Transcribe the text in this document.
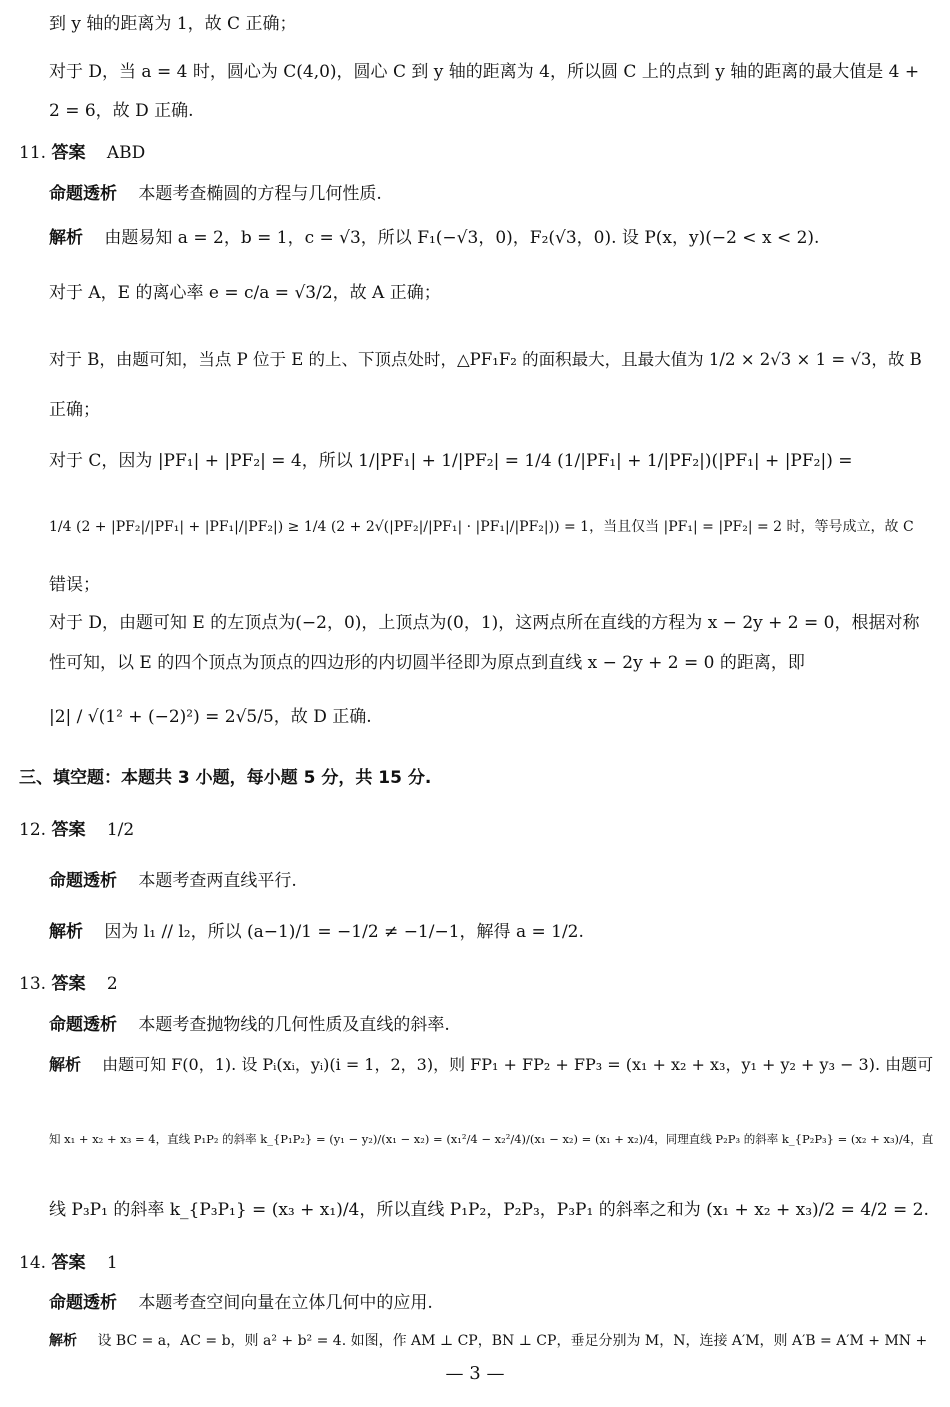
到 y 轴的距离为 1，故 C 正确；
对于 D，当 a = 4 时，圆心为 C(4,0)，圆心 C 到 y 轴的距离为 4，所以圆 C 上的点到 y 轴的距离的最大值是 4 +
2 = 6，故 D 正确.
11. 答案 ABD
命题透析 本题考查椭圆的方程与几何性质.
解析 由题易知 a = 2，b = 1，c = √3，所以 F₁(−√3，0)，F₂(√3，0). 设 P(x，y)(−2 < x < 2).
对于 A，E 的离心率 e = c/a = √3/2，故 A 正确；
对于 B，由题可知，当点 P 位于 E 的上、下顶点处时，△PF₁F₂ 的面积最大，且最大值为 1/2 × 2√3 × 1 = √3，故 B
正确；
对于 C，因为 |PF₁| + |PF₂| = 4，所以 1/|PF₁| + 1/|PF₂| = 1/4 (1/|PF₁| + 1/|PF₂|)(|PF₁| + |PF₂|) =
1/4 (2 + |PF₂|/|PF₁| + |PF₁|/|PF₂|) ≥ 1/4 (2 + 2√(|PF₂|/|PF₁| · |PF₁|/|PF₂|)) = 1，当且仅当 |PF₁| = |PF₂| = 2 时，等号成立，故 C
错误；
对于 D，由题可知 E 的左顶点为(−2，0)，上顶点为(0，1)，这两点所在直线的方程为 x − 2y + 2 = 0，根据对称
性可知，以 E 的四个顶点为顶点的四边形的内切圆半径即为原点到直线 x − 2y + 2 = 0 的距离，即
|2| / √(1² + (−2)²) = 2√5/5，故 D 正确.
三、填空题：本题共 3 小题，每小题 5 分，共 15 分.
12. 答案 1/2
命题透析 本题考查两直线平行.
解析 因为 l₁ // l₂，所以 (a−1)/1 = −1/2 ≠ −1/−1，解得 a = 1/2.
13. 答案 2
命题透析 本题考查抛物线的几何性质及直线的斜率.
解析 由题可知 F(0，1). 设 Pᵢ(xᵢ，yᵢ)(i = 1，2，3)，则 FP₁ + FP₂ + FP₃ = (x₁ + x₂ + x₃，y₁ + y₂ + y₃ − 3). 由题可
知 x₁ + x₂ + x₃ = 4，直线 P₁P₂ 的斜率 k_{P₁P₂} = (y₁ − y₂)/(x₁ − x₂) = (x₁²/4 − x₂²/4)/(x₁ − x₂) = (x₁ + x₂)/4，同理直线 P₂P₃ 的斜率 k_{P₂P₃} = (x₂ + x₃)/4，直
线 P₃P₁ 的斜率 k_{P₃P₁} = (x₃ + x₁)/4，所以直线 P₁P₂，P₂P₃，P₃P₁ 的斜率之和为 (x₁ + x₂ + x₃)/2 = 4/2 = 2.
14. 答案 1
命题透析 本题考查空间向量在立体几何中的应用.
解析 设 BC = a，AC = b，则 a² + b² = 4. 如图，作 AM ⊥ CP，BN ⊥ CP，垂足分别为 M，N，连接 A′M，则 A′B = A′M + MN +
— 3 —
